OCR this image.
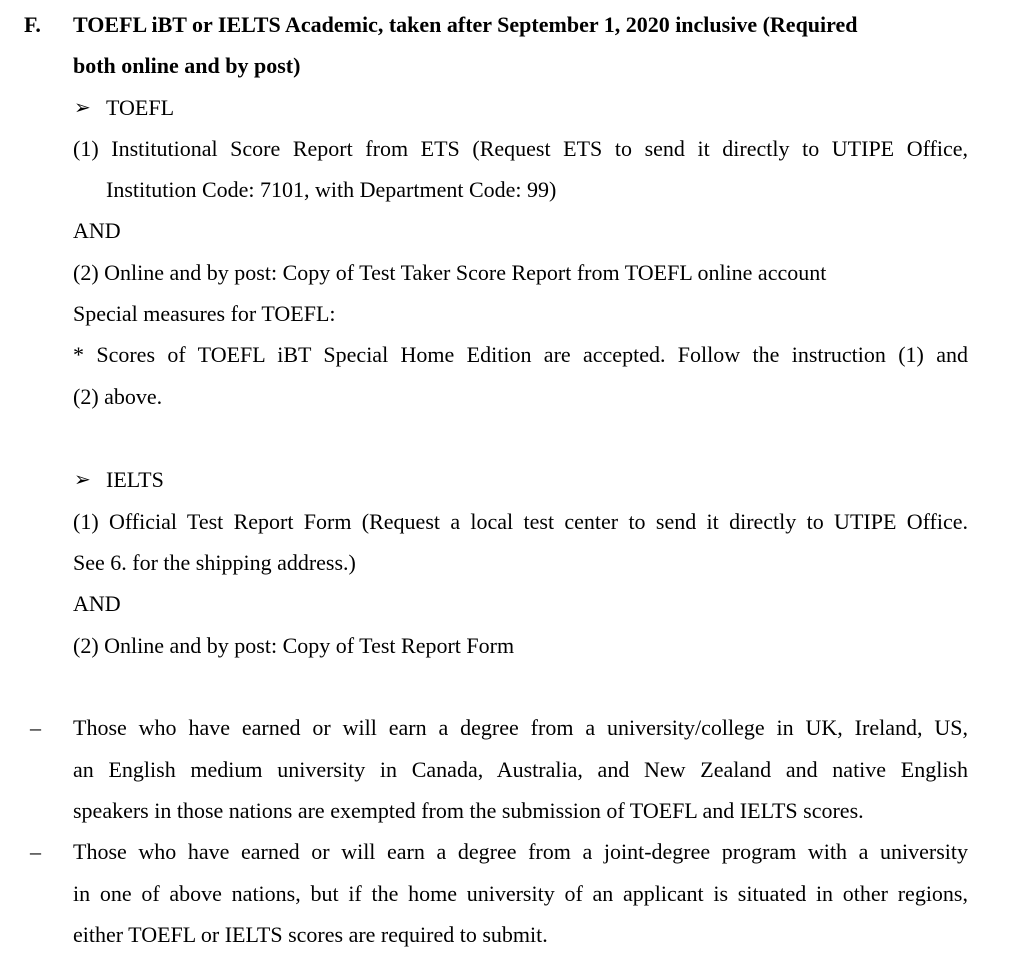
F. TOEFL iBT or IELTS Academic, taken after September 1, 2020 inclusive (Required
both online and by post)
➢ TOEFL
(1) Institutional Score Report from ETS (Request ETS to send it directly to UTIPE Office,
Institution Code: 7101, with Department Code: 99)
AND
(2) Online and by post: Copy of Test Taker Score Report from TOEFL online account
Special measures for TOEFL:
* Scores of TOEFL iBT Special Home Edition are accepted. Follow the instruction (1) and
(2) above.
➢ IELTS
(1) Official Test Report Form (Request a local test center to send it directly to UTIPE Office.
See 6. for the shipping address.)
AND
(2) Online and by post: Copy of Test Report Form
– Those who have earned or will earn a degree from a university/college in UK, Ireland, US,
an English medium university in Canada, Australia, and New Zealand and native English
speakers in those nations are exempted from the submission of TOEFL and IELTS scores.
– Those who have earned or will earn a degree from a joint-degree program with a university
in one of above nations, but if the home university of an applicant is situated in other regions,
either TOEFL or IELTS scores are required to submit.
